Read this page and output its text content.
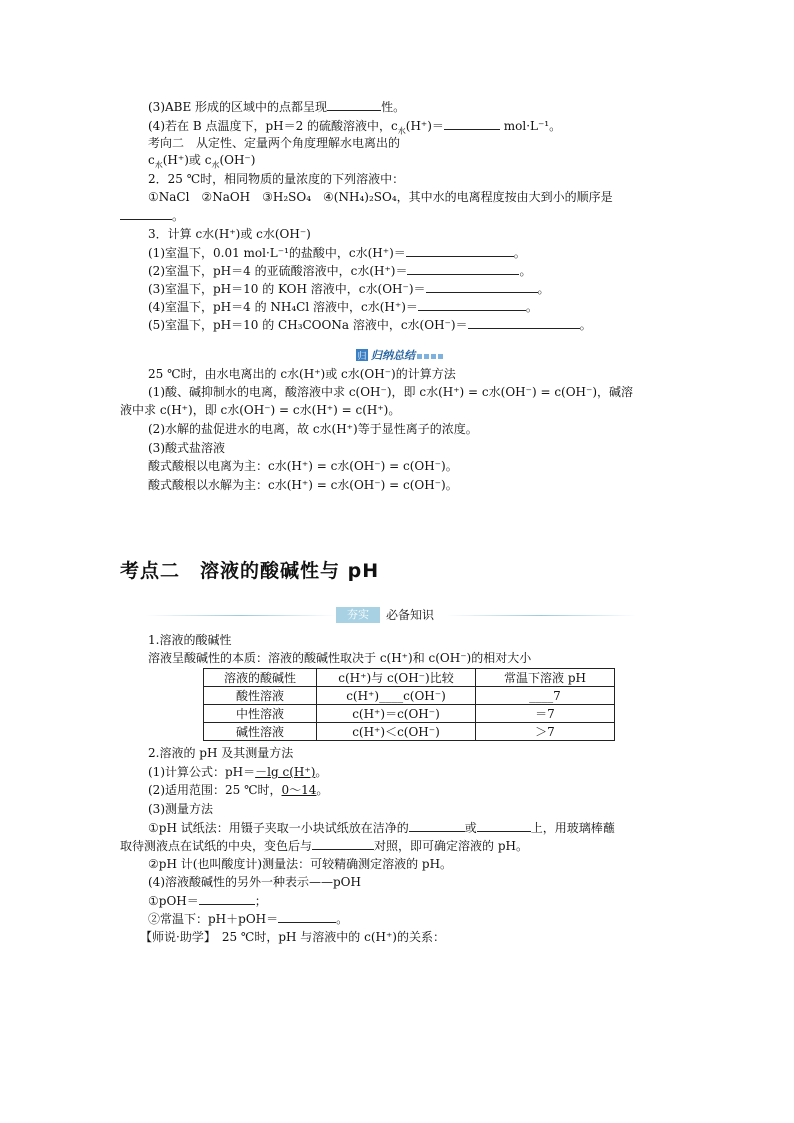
(3)ABE 形成的区域中的点都呈现	性。
(4)若在 B 点温度下，pH＝2 的硫酸溶液中，$c_水(H^+)=$	mol·L⁻¹。
考向二　从定性、定量两个角度理解水电离出的
$c_水(H^+)$或 $c_水(OH^-)$
2．25 ℃时，相同物质的量浓度的下列溶液中：
①NaCl　②NaOH　③H₂SO₄　④(NH₄)₂SO₄，其中水的电离程度按由大到小的顺序是
。
3．计算 c水(H⁺)或 c水(OH⁻)
(1)室温下，0.01 mol·L⁻¹的盐酸中，c水(H⁺)＝	。
(2)室温下，pH＝4 的亚硫酸溶液中，c水(H⁺)＝	。
(3)室温下，pH＝10 的 KOH 溶液中，c水(OH⁻)＝	。
(4)室温下，pH＝4 的 NH₄Cl 溶液中，c水(H⁺)＝	。
(5)室温下，pH＝10 的 CH₃COONa 溶液中，c水(OH⁻)＝	。
归 归纳总结
25 ℃时，由水电离出的 c水(H⁺)或 c水(OH⁻)的计算方法
(1)酸、碱抑制水的电离，酸溶液中求 c(OH⁻)，即 c水(H⁺) = c水(OH⁻) = c(OH⁻)，碱溶
液中求 c(H⁺)，即 c水(OH⁻) = c水(H⁺) = c(H⁺)。
(2)水解的盐促进水的电离，故 c水(H⁺)等于显性离子的浓度。
(3)酸式盐溶液
酸式酸根以电离为主：c水(H⁺) = c水(OH⁻) = c(OH⁻)。
酸式酸根以水解为主：c水(H⁺) = c水(OH⁻) = c(OH⁻)。
考点二　溶液的酸碱性与 pH
夯实	必备知识
1.溶液的酸碱性
溶液呈酸碱性的本质：溶液的酸碱性取决于 c(H⁺)和 c(OH⁻)的相对大小
溶液的酸碱性	c(H⁺)与 c(OH⁻)比较	常温下溶液 pH
酸性溶液	c(H⁺)____c(OH⁻)	____7
中性溶液	c(H⁺)＝c(OH⁻)	＝7
碱性溶液	c(H⁺)＜c(OH⁻)	＞7
2.溶液的 pH 及其测量方法
(1)计算公式：pH＝－lg c(H⁺)。
(2)适用范围：25 ℃时，0～14。
(3)测量方法
①pH 试纸法：用镊子夹取一小块试纸放在洁净的	或	上，用玻璃棒蘸
取待测液点在试纸的中央，变色后与	对照，即可确定溶液的 pH。
②pH 计(也叫酸度计)测量法：可较精确测定溶液的 pH。
(4)溶液酸碱性的另外一种表示——pOH
①pOH＝	；
②常温下：pH＋pOH＝	。
【师说·助学】　25 ℃时，pH 与溶液中的 c(H⁺)的关系：
